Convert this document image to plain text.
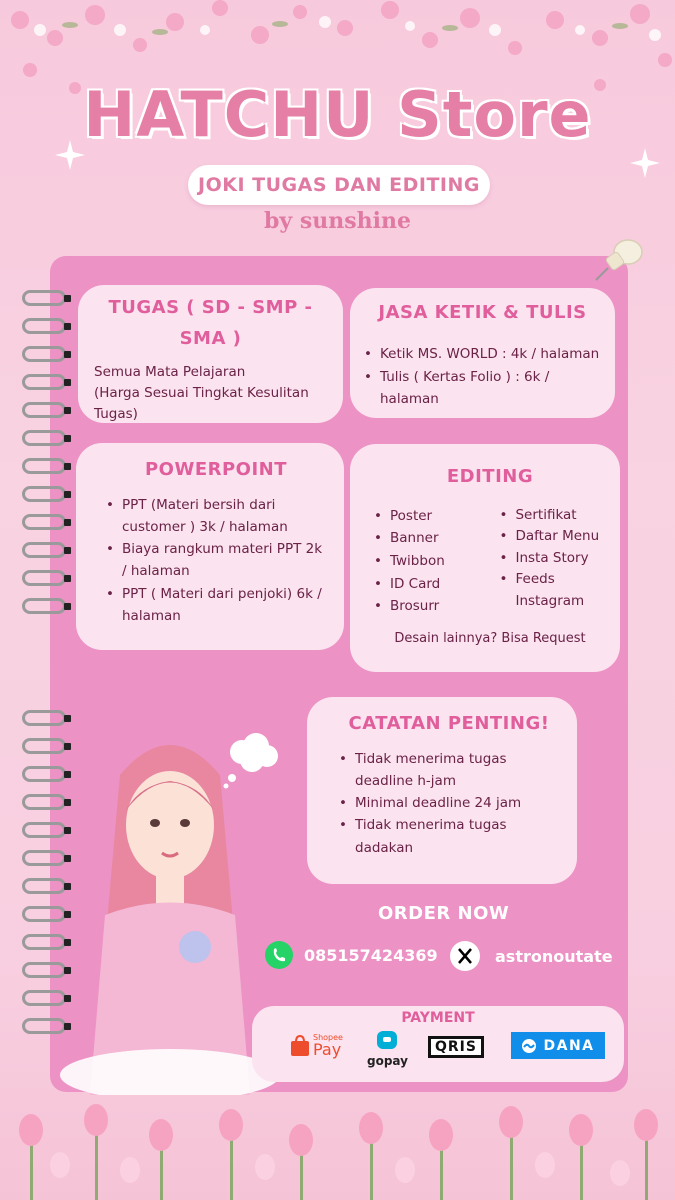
HATCHU Store
JOKI TUGAS DAN EDITING
by sunshine
TUGAS ( SD - SMP - SMA )
Semua Mata Pelajaran
(Harga Sesuai Tingkat Kesulitan Tugas)
JASA KETIK & TULIS
• Ketik MS. WORLD : 4k / halaman
• Tulis ( Kertas Folio ) : 6k / halaman
POWERPOINT
• PPT (Materi bersih dari customer ) 3k / halaman
• Biaya rangkum materi PPT 2k / halaman
• PPT ( Materi dari penjoki) 6k / halaman
EDITING
• Poster
• Banner
• Twibbon
• ID Card
• Brosurr
• Sertifikat
• Daftar Menu
• Insta Story
• Feeds Instagram
Desain lainnya? Bisa Request
CATATAN PENTING!
• Tidak menerima tugas deadline h-jam
• Minimal deadline 24 jam
• Tidak menerima tugas dadakan
ORDER NOW
085157424369	astronoutate
PAYMENT
Shopee
Pay
gopay
QRIS	DANA
